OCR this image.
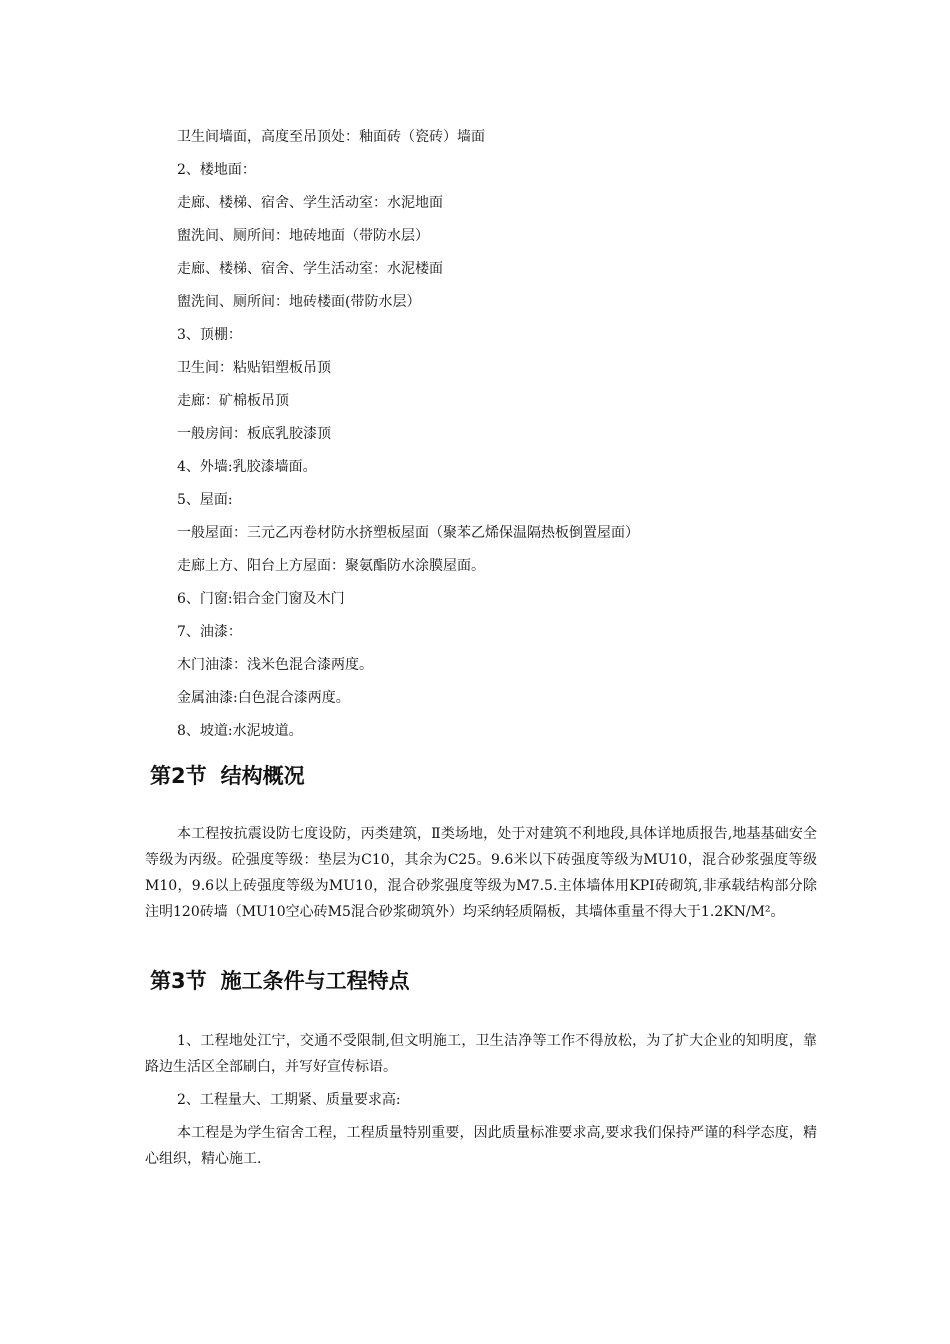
卫生间墙面，高度至吊顶处：釉面砖（瓷砖）墙面
2、楼地面：
走廊、楼梯、宿舍、学生活动室：水泥地面
盥洗间、厕所间：地砖地面（带防水层）
走廊、楼梯、宿舍、学生活动室：水泥楼面
盥洗间、厕所间：地砖楼面(带防水层）
3、顶棚：
卫生间：粘贴铝塑板吊顶
走廊：矿棉板吊顶
一般房间：板底乳胶漆顶
4、外墙:乳胶漆墙面。
5、屋面:
一般屋面：三元乙丙卷材防水挤塑板屋面（聚苯乙烯保温隔热板倒置屋面）
走廊上方、阳台上方屋面：聚氨酯防水涂膜屋面。
6、门窗:铝合金门窗及木门
7、油漆：
木门油漆：浅米色混合漆两度。
金属油漆:白色混合漆两度。
8、坡道:水泥坡道。
第2节 结构概况
本工程按抗震设防七度设防，丙类建筑，Ⅱ类场地，处于对建筑不利地段,具体详地质报告,地基基础安全等级为丙级。砼强度等级：垫层为C10，其余为C25。9.6米以下砖强度等级为MU10，混合砂浆强度等级M10，9.6以上砖强度等级为MU10，混合砂浆强度等级为M7.5.主体墙体用KPI砖砌筑,非承载结构部分除注明120砖墙（MU10空心砖M5混合砂浆砌筑外）均采纳轻质隔板，其墙体重量不得大于1.2KN/M²。
第3节 施工条件与工程特点
1、工程地处江宁，交通不受限制,但文明施工，卫生洁净等工作不得放松，为了扩大企业的知明度，靠路边生活区全部刷白，并写好宣传标语。
2、工程量大、工期紧、质量要求高:
本工程是为学生宿舍工程，工程质量特别重要，因此质量标准要求高,要求我们保持严谨的科学态度，精心组织，精心施工.
